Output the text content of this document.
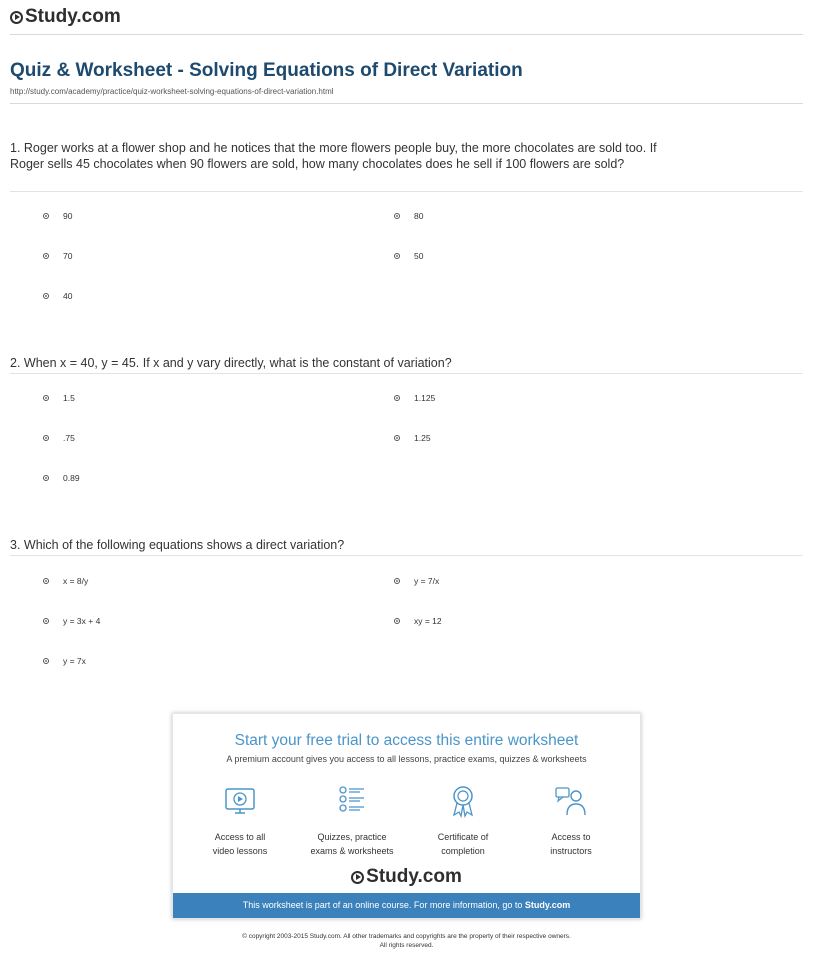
Study.com
Quiz & Worksheet - Solving Equations of Direct Variation
http://study.com/academy/practice/quiz-worksheet-solving-equations-of-direct-variation.html
1. Roger works at a flower shop and he notices that the more flowers people buy, the more chocolates are sold too. If Roger sells 45 chocolates when 90 flowers are sold, how many chocolates does he sell if 100 flowers are sold?
90	80
70	50
40
2. When x = 40, y = 45. If x and y vary directly, what is the constant of variation?
1.5	1.125
.75	1.25
0.89
3. Which of the following equations shows a direct variation?
x = 8/y	y = 7/x
y = 3x + 4	xy = 12
y = 7x
Start your free trial to access this entire worksheet
A premium account gives you access to all lessons, practice exams, quizzes & worksheets
Access to all
video lessons
Quizzes, practice
exams & worksheets
Certificate of
completion
Access to
instructors
Study.com
This worksheet is part of an online course. For more information, go to Study.com
© copyright 2003-2015 Study.com. All other trademarks and copyrights are the property of their respective owners.
All rights reserved.
